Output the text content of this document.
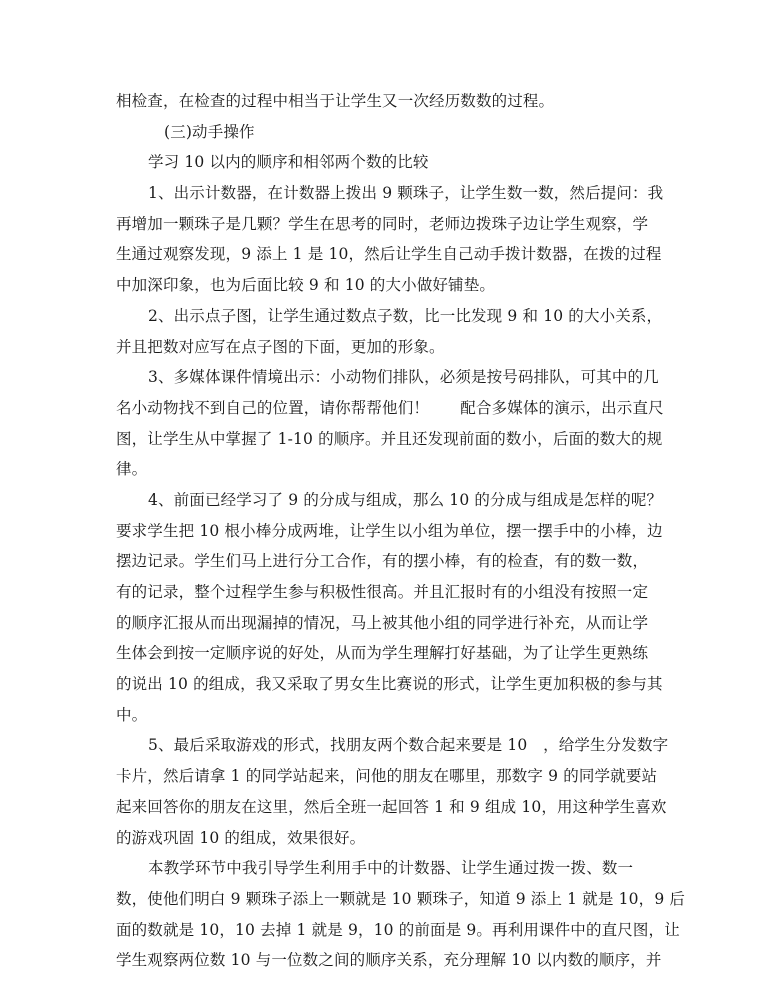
相检查，在检查的过程中相当于让学生又一次经历数数的过程。
(三)动手操作
学习 10 以内的顺序和相邻两个数的比较
1、出示计数器，在计数器上拨出 9 颗珠子，让学生数一数，然后提问：我
再增加一颗珠子是几颗？学生在思考的同时，老师边拨珠子边让学生观察，学
生通过观察发现，9 添上 1 是 10，然后让学生自己动手拨计数器，在拨的过程
中加深印象，也为后面比较 9 和 10 的大小做好铺垫。
2、出示点子图，让学生通过数点子数，比一比发现 9 和 10 的大小关系，
并且把数对应写在点子图的下面，更加的形象。
3、多媒体课件情境出示：小动物们排队，必须是按号码排队，可其中的几
名小动物找不到自己的位置，请你帮帮他们！　　配合多媒体的演示，出示直尺
图，让学生从中掌握了 1-10 的顺序。并且还发现前面的数小，后面的数大的规
律。
4、前面已经学习了 9 的分成与组成，那么 10 的分成与组成是怎样的呢？
要求学生把 10 根小棒分成两堆，让学生以小组为单位，摆一摆手中的小棒，边
摆边记录。学生们马上进行分工合作，有的摆小棒，有的检查，有的数一数，
有的记录，整个过程学生参与积极性很高。并且汇报时有的小组没有按照一定
的顺序汇报从而出现漏掉的情况，马上被其他小组的同学进行补充，从而让学
生体会到按一定顺序说的好处，从而为学生理解打好基础，为了让学生更熟练
的说出 10 的组成，我又采取了男女生比赛说的形式，让学生更加积极的参与其
中。
5、最后采取游戏的形式，找朋友两个数合起来要是 10　，给学生分发数字
卡片，然后请拿 1 的同学站起来，问他的朋友在哪里，那数字 9 的同学就要站
起来回答你的朋友在这里，然后全班一起回答 1 和 9 组成 10，用这种学生喜欢
的游戏巩固 10 的组成，效果很好。
本教学环节中我引导学生利用手中的计数器、让学生通过拨一拨、数一
数，使他们明白 9 颗珠子添上一颗就是 10 颗珠子，知道 9 添上 1 就是 10，9 后
面的数就是 10，10 去掉 1 就是 9，10 的前面是 9。再利用课件中的直尺图，让
学生观察两位数 10 与一位数之间的顺序关系，充分理解 10 以内数的顺序，并
